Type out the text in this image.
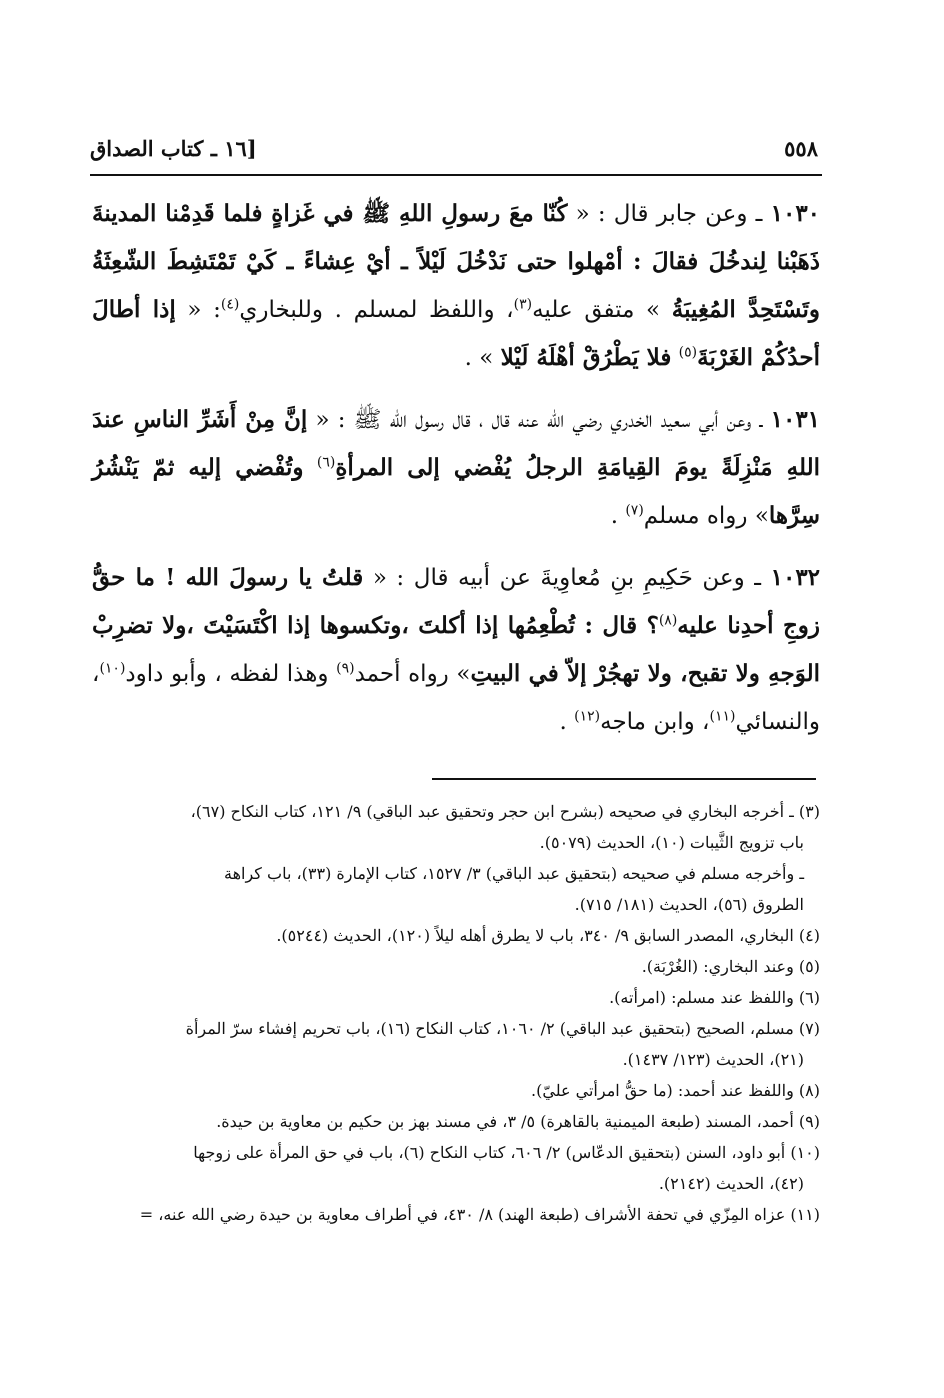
٥٥٨
[١٦ ـ كتاب الصداق

١٠٣٠ ـ وعن جابر قال : « كُنّا معَ رسولِ اللهِ ﷺ في غَزاةٍ فلما قَدِمْنا المدينةَ ذَهَبْنا لِندخُلَ فقالَ : أمْهلوا حتى نَدْخُلَ لَيْلاً ـ أيْ عِشاءً ـ كَيْ تَمْتَشِطَ الشّعِثَةُ وتَسْتَحِدَّ المُغِيبَةُ » متفق عليه$^{(٣)}$، واللفظ لمسلم . وللبخاري$^{(٤)}$: « إذا أطالَ أحدُكُمْ الغَرْبَةَ$^{(٥)}$ فلا يَطْرُقْ أهْلَهُ لَيْلا » .

١٠٣١ ـ وعن أبي سعيد الخدري رضي الله عنه قال ، قال رسول الله ﷺ : « إنَّ مِنْ أَشَرِّ الناسِ عندَ اللهِ مَنْزِلَةً يومَ القِيامَةِ الرجلُ يُفْضي إلى المرأةِ$^{(٦)}$ وتُفْضي إليه ثمّ يَنْشُرُ سِرَّها» رواه مسلم$^{(٧)}$ .

١٠٣٢ ـ وعن حَكِيمِ بنِ مُعاوِيةَ عن أبيه قال : « قلتُ يا رسولَ الله ! ما حقُّ زوجِ أحدِنا عليه$^{(٨)}$؟ قال : تُطْعِمُها إذا أكلتَ ،وتكسوها إذا اكْتَسَيْتَ ،ولا تضرِبْ الوَجهِ ولا تقبح، ولا تهجُرْ إلاّ في البيتِ» رواه أحمد$^{(٩)}$ وهذا لفظه ، وأبو داود$^{(١٠)}$، والنسائي$^{(١١)}$، وابن ماجه$^{(١٢)}$ .

(٣) ـ أخرجه البخاري في صحيحه (بشرح ابن حجر وتحقيق عبد الباقي) ٩/ ١٢١، كتاب النكاح (٦٧)،

باب تزويج الثَّيبات (١٠)، الحديث (٥٠٧٩).

ـ وأخرجه مسلم في صحيحه (بتحقيق عبد الباقي) ٣/ ١٥٢٧، كتاب الإمارة (٣٣)، باب كراهة

الطروق (٥٦)، الحديث (١٨١/ ٧١٥).

(٤) البخاري، المصدر السابق ٩/ ٣٤٠، باب لا يطرق أهله ليلاً (١٢٠)، الحديث (٥٢٤٤).

(٥) وعند البخاري: (الغُرْبَة).

(٦) واللفظ عند مسلم: (امرأته).

(٧) مسلم، الصحيح (بتحقيق عبد الباقي) ٢/ ١٠٦٠، كتاب النكاح (١٦)، باب تحريم إفشاء سرّ المرأة

(٢١)، الحديث (١٢٣/ ١٤٣٧).

(٨) واللفظ عند أحمد: (ما حقُّ امرأتي عليّ).

(٩) أحمد، المسند (طبعة الميمنية بالقاهرة) ٥/ ٣، في مسند بهز بن حكيم بن معاوية بن حيدة.

(١٠) أبو داود، السنن (بتحقيق الدعّاس) ٢/ ٦٠٦، كتاب النكاح (٦)، باب في حق المرأة على زوجها

(٤٢)، الحديث (٢١٤٢).

(١١) عزاه المِزّي في تحفة الأشراف (طبعة الهند) ٨/ ٤٣٠، في أطراف معاوية بن حيدة رضي الله عنه، =
